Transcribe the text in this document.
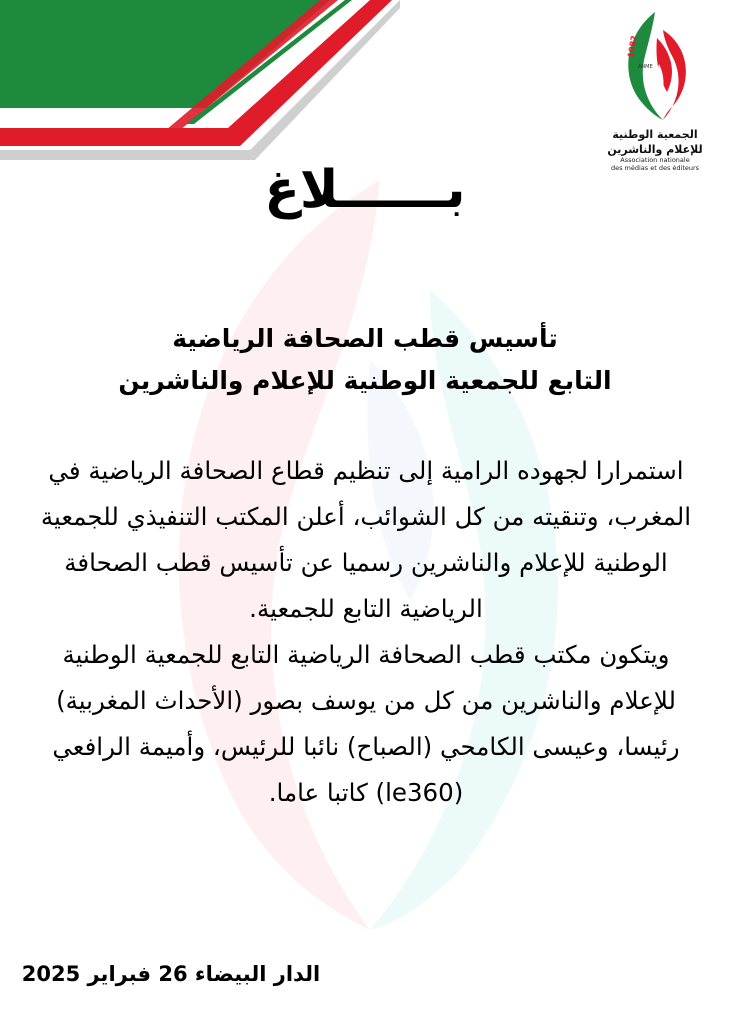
1982
ANME
الجمعية الوطنية
للإعلام والناشرين
Association nationale
des médias et des éditeurs
بــــــلاغ
تأسيس قطب الصحافة الرياضية
التابع للجمعية الوطنية للإعلام والناشرين

استمرارا لجهوده الرامية إلى تنظيم قطاع الصحافة الرياضية في المغرب، وتنقيته من كل الشوائب، أعلن المكتب التنفيذي للجمعية الوطنية للإعلام والناشرين رسميا عن تأسيس قطب الصحافة الرياضية التابع للجمعية.

ويتكون مكتب قطب الصحافة الرياضية التابع للجمعية الوطنية للإعلام والناشرين من كل من يوسف بصور (الأحداث المغربية) رئيسا، وعيسى الكامحي (الصباح) نائبا للرئيس، وأميمة الرافعي (le360) كاتبا عاما.

الدار البيضاء 26 فبراير 2025
